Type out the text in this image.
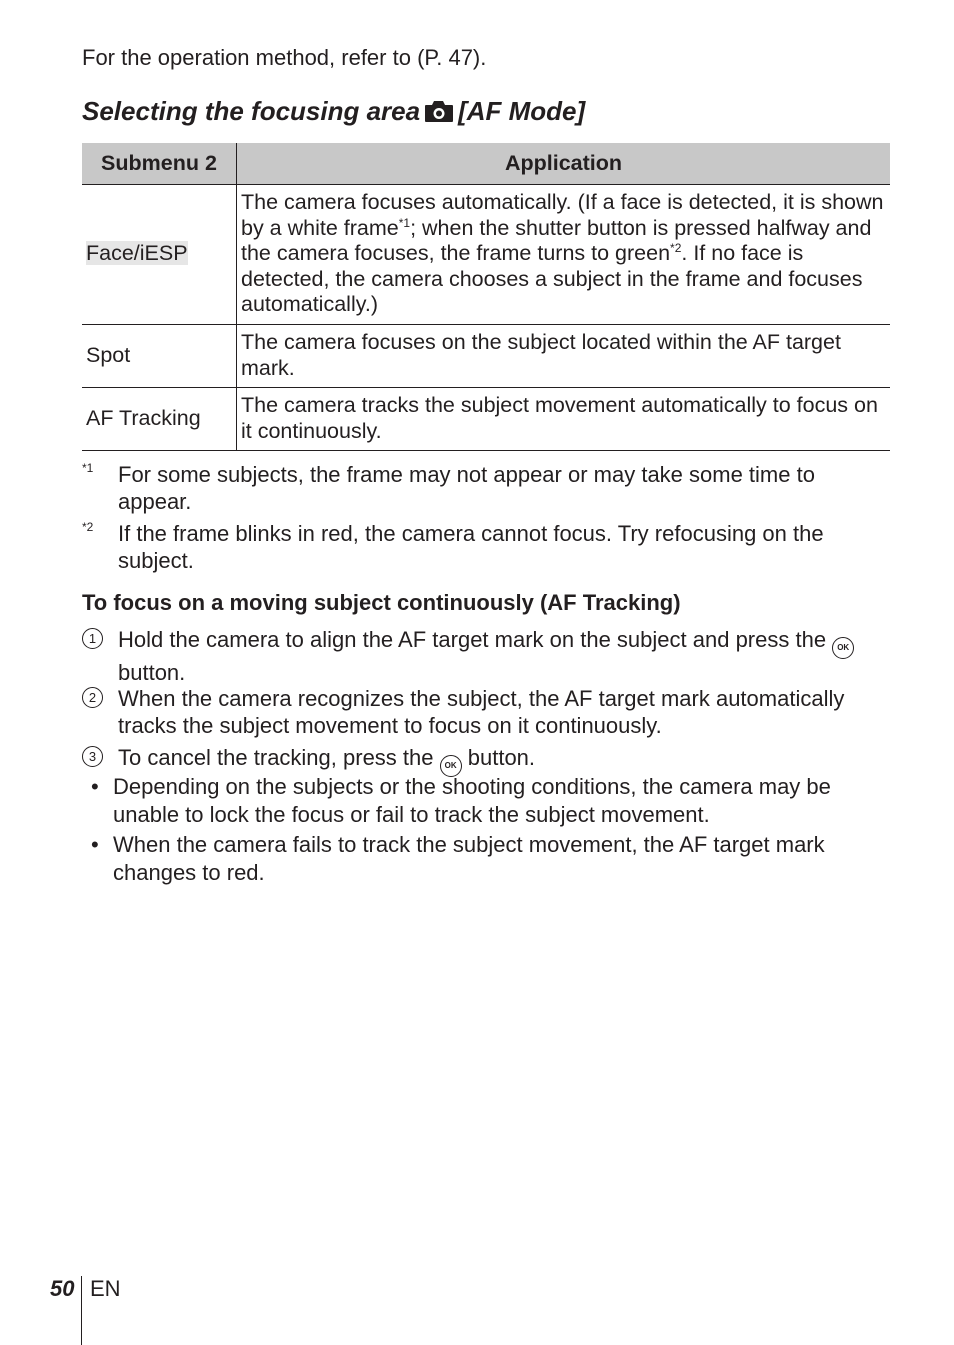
For the operation method, refer to (P. 47).
Selecting the focusing area [AF Mode]
Submenu 2	Application
Face/iESP	The camera focuses automatically. (If a face is detected, it is shown by a white frame$^{*1}$; when the shutter button is pressed halfway and the camera focuses, the frame turns to green$^{*2}$. If no face is detected, the camera chooses a subject in the frame and focuses automatically.)
Spot	The camera focuses on the subject located within the AF target mark.
AF Tracking	The camera tracks the subject movement automatically to focus on it continuously.
*1 For some subjects, the frame may not appear or may take some time to appear.
*2 If the frame blinks in red, the camera cannot focus. Try refocusing on the subject.
To focus on a moving subject continuously (AF Tracking)
1 Hold the camera to align the AF target mark on the subject and press the OK button.
2 When the camera recognizes the subject, the AF target mark automatically tracks the subject movement to focus on it continuously.
3 To cancel the tracking, press the OK button.
• Depending on the subjects or the shooting conditions, the camera may be unable to lock the focus or fail to track the subject movement.
• When the camera fails to track the subject movement, the AF target mark changes to red.
50 EN
